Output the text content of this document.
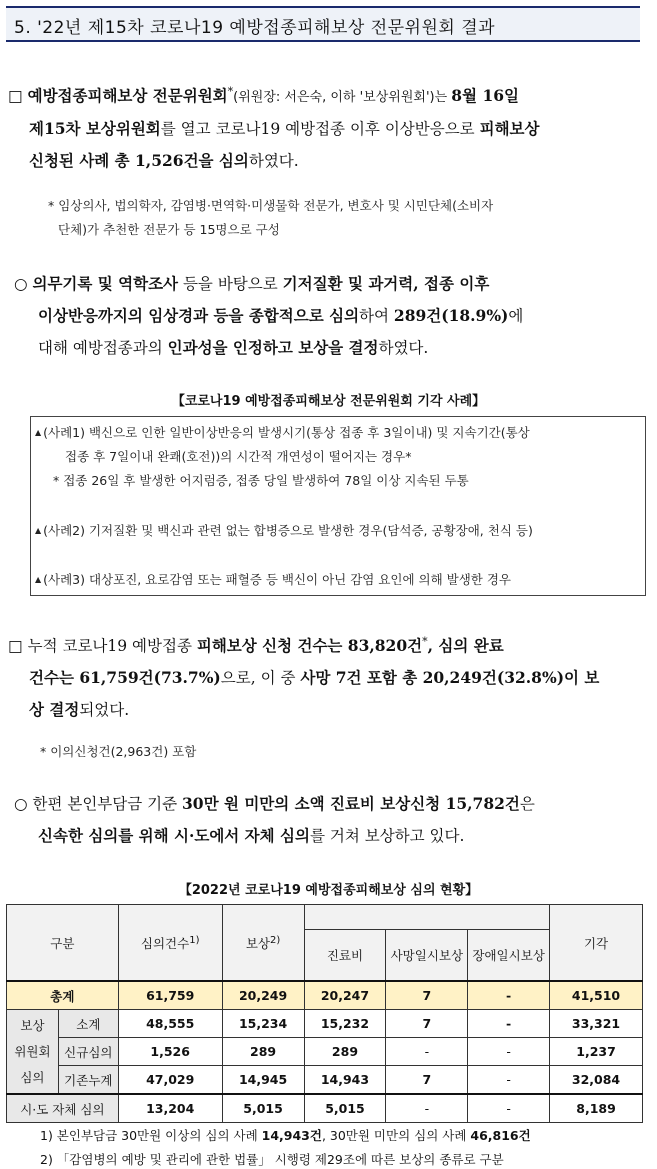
5. '22년 제15차 코로나19 예방접종피해보상 전문위원회 결과
□ 예방접종피해보상 전문위원회*(위원장: 서은숙, 이하 '보상위원회')는 8월 16일
제15차 보상위원회를 열고 코로나19 예방접종 이후 이상반응으로 피해보상
신청된 사례 총 1,526건을 심의하였다.
* 임상의사, 법의학자, 감염병·면역학·미생물학 전문가, 변호사 및 시민단체(소비자
단체)가 추천한 전문가 등 15명으로 구성
○ 의무기록 및 역학조사 등을 바탕으로 기저질환 및 과거력, 접종 이후
이상반응까지의 임상경과 등을 종합적으로 심의하여 289건(18.9%)에
대해 예방접종과의 인과성을 인정하고 보상을 결정하였다.
【코로나19 예방접종피해보상 전문위원회 기각 사례】
▲ (사례1) 백신으로 인한 일반이상반응의 발생시기(통상 접종 후 3일이내) 및 지속기간(통상
접종 후 7일이내 완쾌(호전))의 시간적 개연성이 떨어지는 경우*
* 접종 26일 후 발생한 어지럼증, 접종 당일 발생하여 78일 이상 지속된 두통
▲ (사례2) 기저질환 및 백신과 관련 없는 합병증으로 발생한 경우(담석증, 공황장애, 천식 등)
▲ (사례3) 대상포진, 요로감염 또는 패혈증 등 백신이 아닌 감염 요인에 의해 발생한 경우
□ 누적 코로나19 예방접종 피해보상 신청 건수는 83,820건*, 심의 완료
건수는 61,759건(73.7%)으로, 이 중 사망 7건 포함 총 20,249건(32.8%)이 보
상 결정되었다.
* 이의신청건(2,963건) 포함
○ 한편 본인부담금 기준 30만 원 미만의 소액 진료비 보상신청 15,782건은
신속한 심의를 위해 시·도에서 자체 심의를 거쳐 보상하고 있다.
【2022년 코로나19 예방접종피해보상 심의 현황】
구분		심의건수$^{1)}$	보상$^{2)}$				기각
				진료비	사망일시보상	장애일시보상	
총계		61,759	20,249	20,247	7	-	41,510

보상
위원회
심의	소계	48,555	15,234	15,232	7	-	33,321
	신규심의	1,526	289	289	-	-	1,237
	기존누계	47,029	14,945	14,943	7	-	32,084
시·도 자체 심의		13,204	5,015	5,015	-	-	8,189
1) 본인부담금 30만원 이상의 심의 사례 14,943건, 30만원 미만의 심의 사례 46,816건
2) 「감염병의 예방 및 관리에 관한 법률」 시행령 제29조에 따른 보상의 종류로 구분
